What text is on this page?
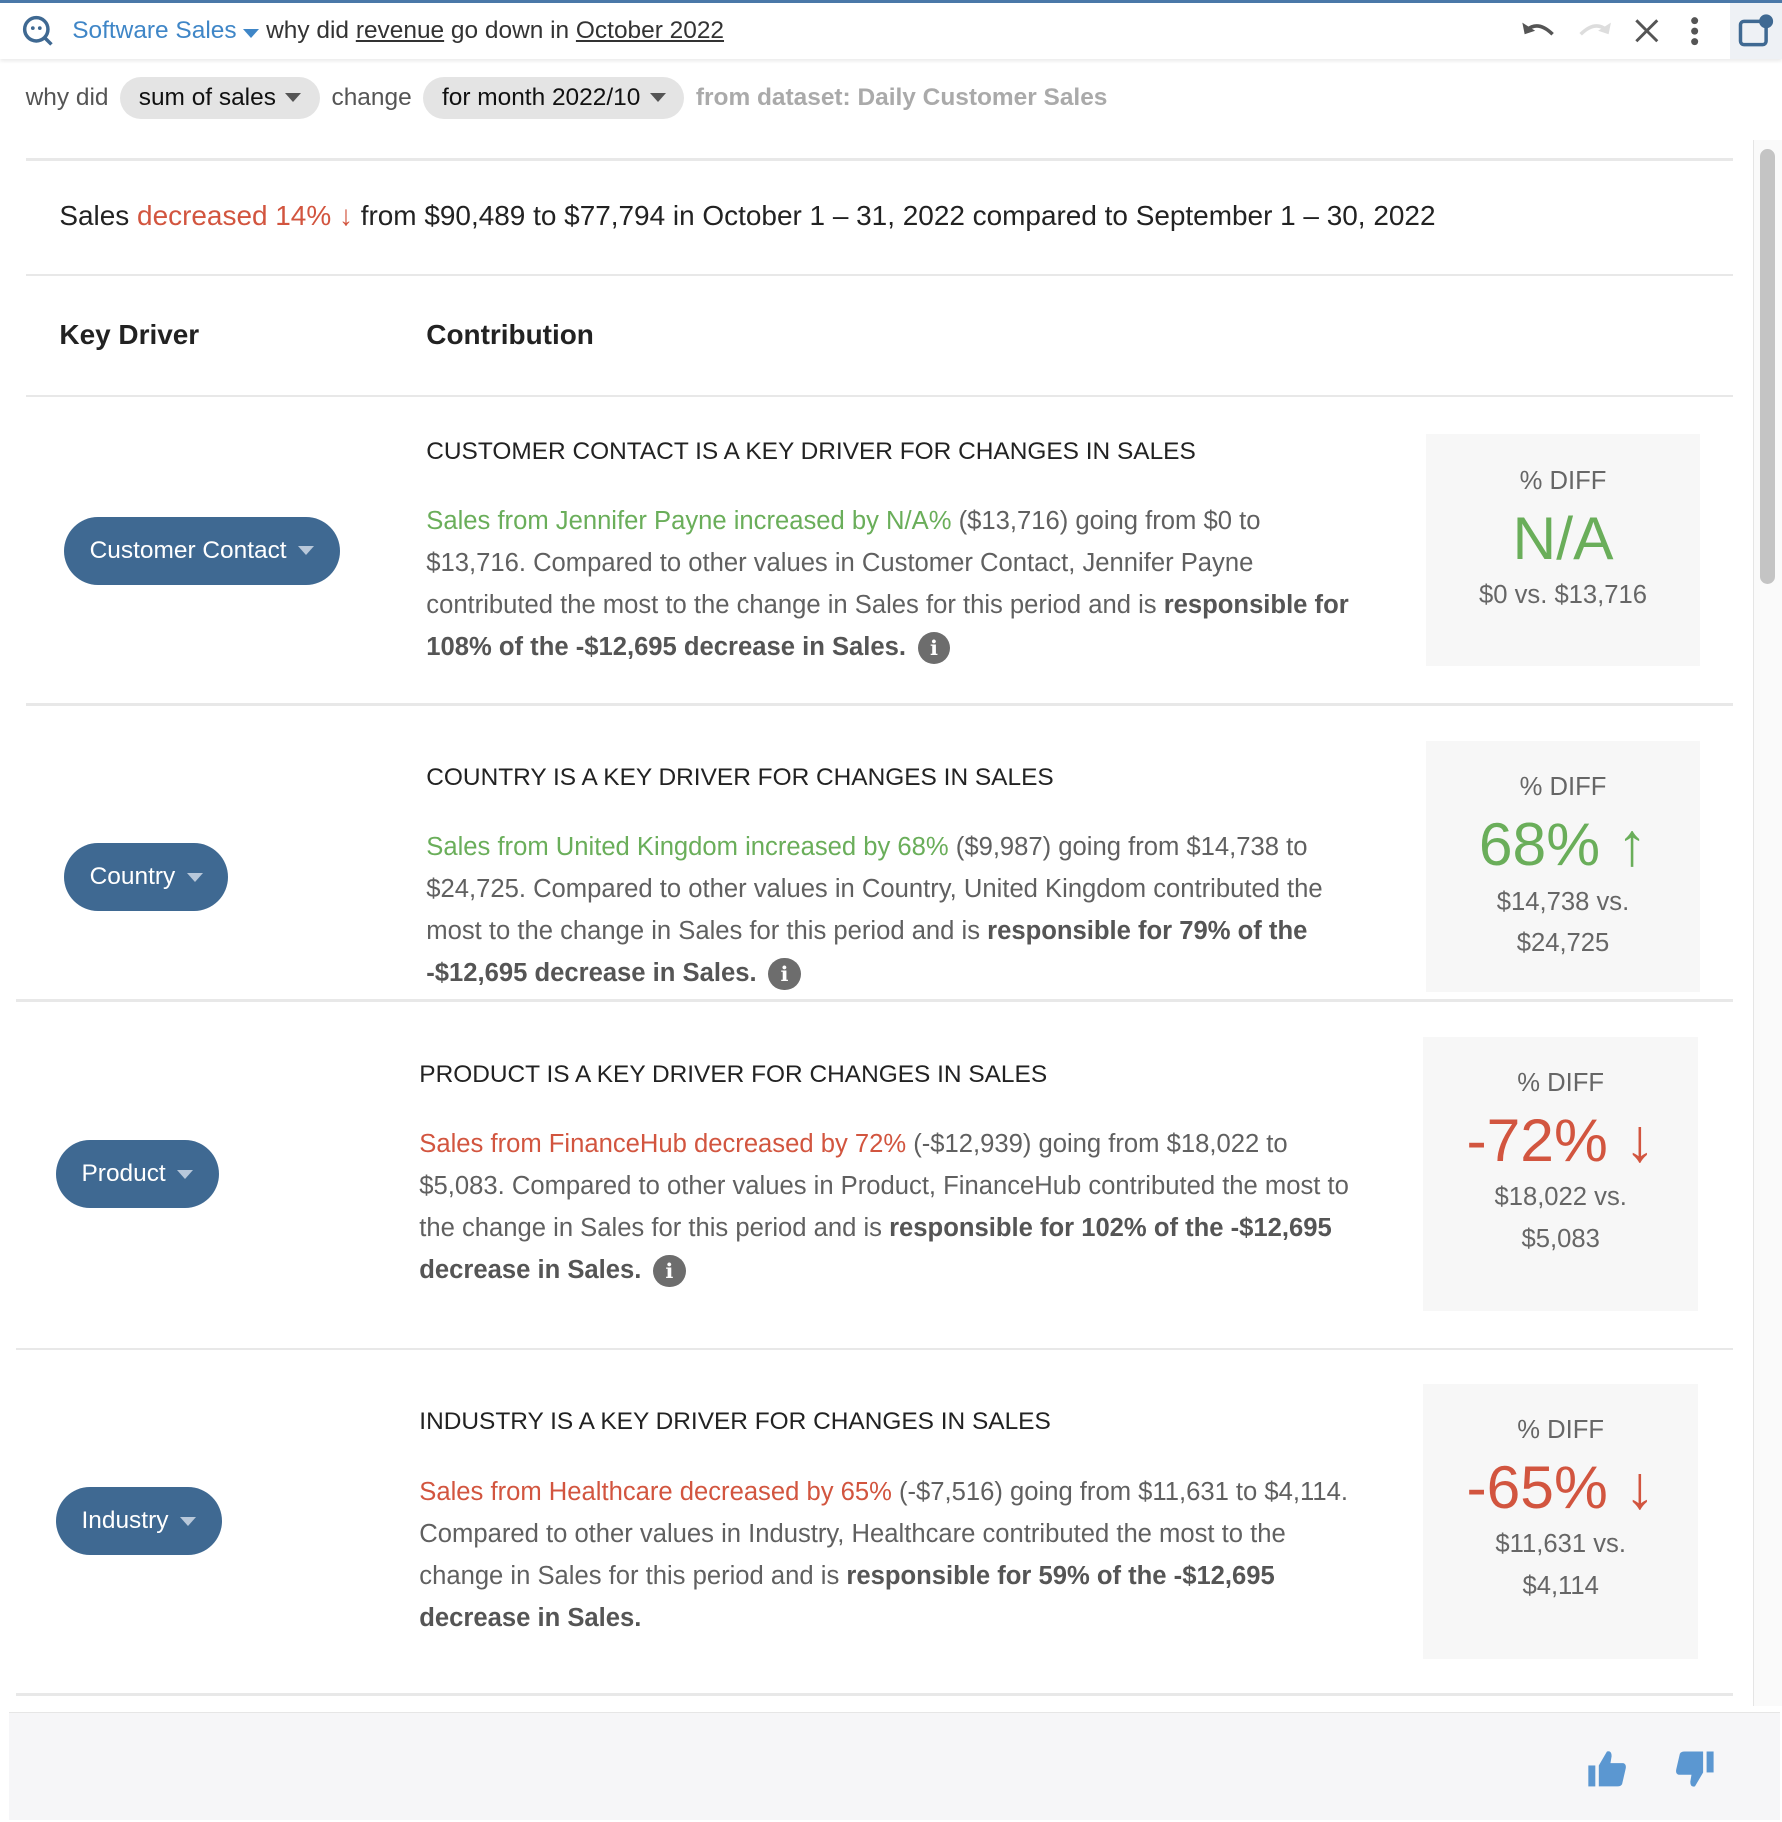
Software Sales why did revenue go down in October 2022
why did sum of sales	change for month 2022/10	from dataset: Daily Customer Sales
Sales decreased 14% ↓ from $90,489 to $77,794 in October 1 – 31, 2022 compared to September 1 – 30, 2022
Key Driver	Contribution
Customer Contact
CUSTOMER CONTACT IS A KEY DRIVER FOR CHANGES IN SALES
Sales from Jennifer Payne increased by N/A% ($13,716) going from $0 to $13,716. Compared to other values in Customer Contact, Jennifer Payne contributed the most to the change in Sales for this period and is responsible for 108% of the -$12,695 decrease in Sales. i
% DIFF
N/A
$0 vs. $13,716
Country
COUNTRY IS A KEY DRIVER FOR CHANGES IN SALES
Sales from United Kingdom increased by 68% ($9,987) going from $14,738 to $24,725. Compared to other values in Country, United Kingdom contributed the most to the change in Sales for this period and is responsible for 79% of the -$12,695 decrease in Sales. i
% DIFF
68% ↑
$14,738 vs. $24,725
Product
PRODUCT IS A KEY DRIVER FOR CHANGES IN SALES
Sales from FinanceHub decreased by 72% (-$12,939) going from $18,022 to $5,083. Compared to other values in Product, FinanceHub contributed the most to the change in Sales for this period and is responsible for 102% of the -$12,695 decrease in Sales. i
% DIFF
-72% ↓
$18,022 vs. $5,083
Industry
INDUSTRY IS A KEY DRIVER FOR CHANGES IN SALES
Sales from Healthcare decreased by 65% (-$7,516) going from $11,631 to $4,114. Compared to other values in Industry, Healthcare contributed the most to the change in Sales for this period and is responsible for 59% of the -$12,695 decrease in Sales.
% DIFF
-65% ↓
$11,631 vs. $4,114
